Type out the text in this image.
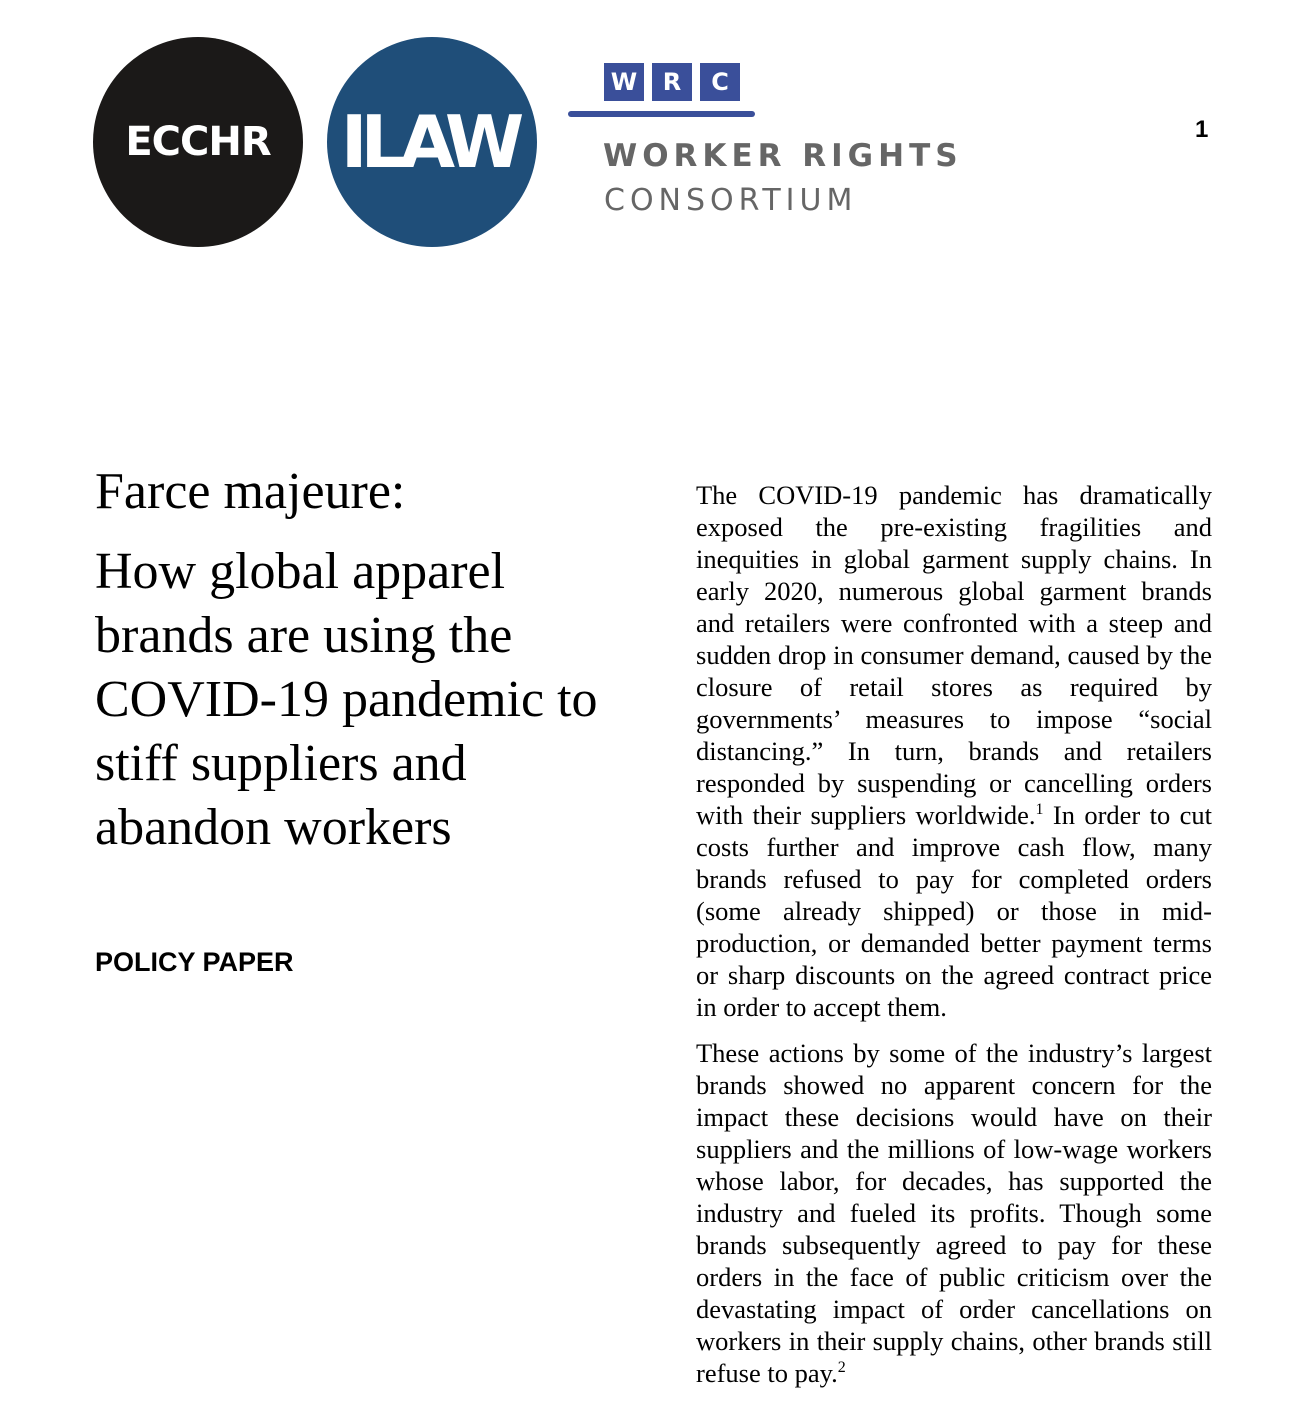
ECCHR ILAW
W	R	C
WORKER RIGHTS
CONSORTIUM
1
Farce majeure:
How global apparel brands are using the COVID-19 pandemic to stiff suppliers and abandon workers
POLICY PAPER

The COVID-19 pandemic has dramatically exposed the pre-existing fragilities and inequities in global garment supply chains. In early 2020, numerous global garment brands and retailers were confronted with a steep and sudden drop in consumer demand, caused by the closure of retail stores as required by governments’ measures to impose “social distancing.” In turn, brands and retailers responded by suspending or cancelling orders with their suppliers worldwide.$^1$ In order to cut costs further and improve cash flow, many brands refused to pay for completed orders (some already shipped) or those in mid-production, or demanded better payment terms or sharp discounts on the agreed contract price in order to accept them.

These actions by some of the industry’s largest brands showed no apparent concern for the impact these decisions would have on their suppliers and the millions of low-wage workers whose labor, for decades, has supported the industry and fueled its profits. Though some brands subsequently agreed to pay for these orders in the face of public criticism over the devastating impact of order cancellations on workers in their supply chains, other brands still refuse to pay.$^2$
